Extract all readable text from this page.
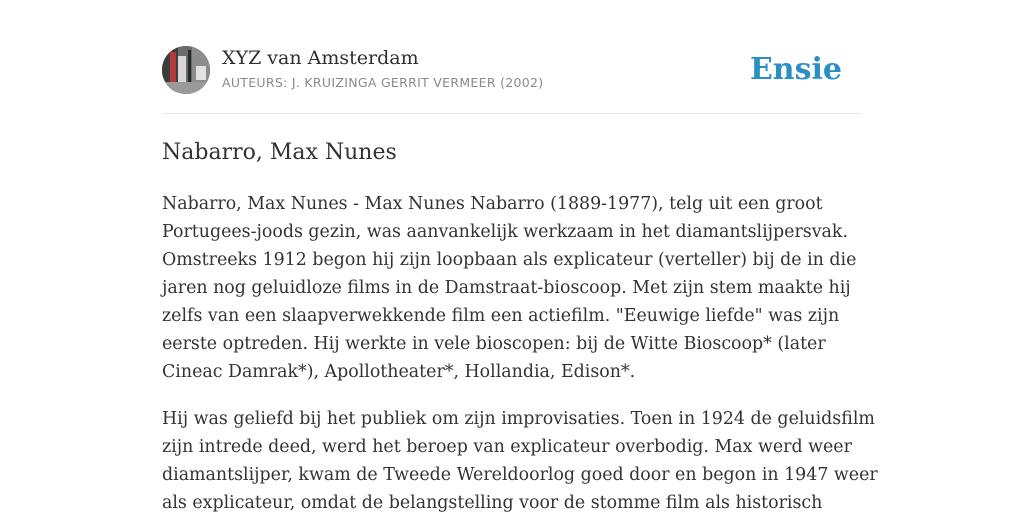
XYZ van Amsterdam
AUTEURS: J. KRUIZINGA GERRIT VERMEER (2002)	Ensie
Nabarro, Max Nunes

Nabarro, Max Nunes - Max Nunes Nabarro (1889-1977), telg uit een groot
Portugees-joods gezin, was aanvankelijk werkzaam in het diamantslijpersvak.
Omstreeks 1912 begon hij zijn loopbaan als explicateur (verteller) bij de in die
jaren nog geluidloze films in de Damstraat-bioscoop. Met zijn stem maakte hij
zelfs van een slaapverwekkende film een actiefilm. "Eeuwige liefde" was zijn
eerste optreden. Hij werkte in vele bioscopen: bij de Witte Bioscoop* (later
Cineac Damrak*), Apollotheater*, Hollandia, Edison*.

Hij was geliefd bij het publiek om zijn improvisaties. Toen in 1924 de geluidsfilm
zijn intrede deed, werd het beroep van explicateur overbodig. Max werd weer
diamantslijper, kwam de Tweede Wereldoorlog goed door en begon in 1947 weer
als explicateur, omdat de belangstelling voor de stomme film als historisch
